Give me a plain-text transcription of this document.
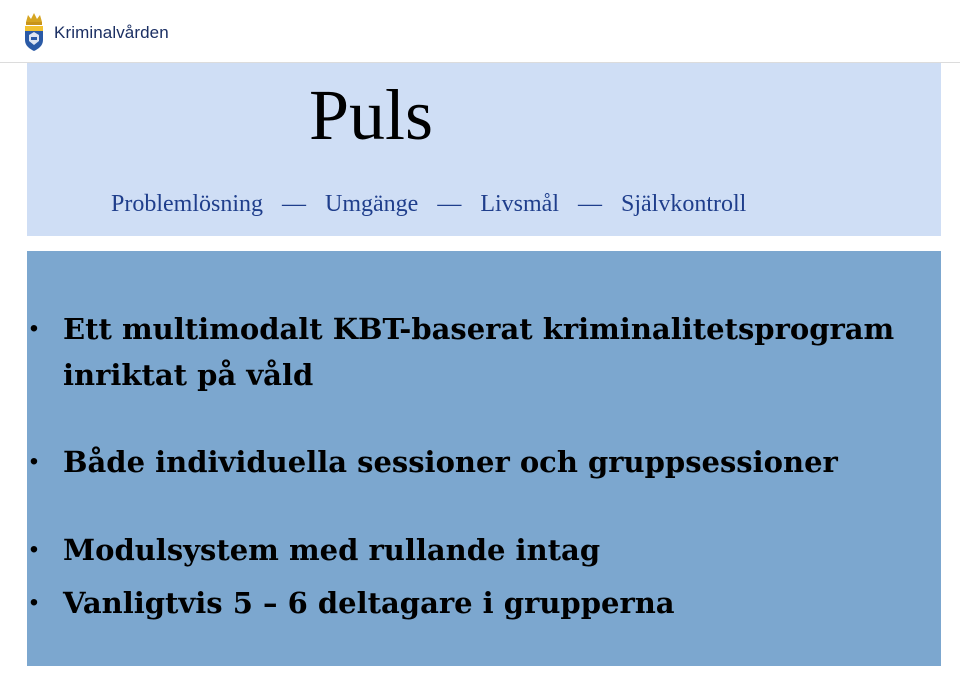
Kriminalvården
Puls
Problemlösning — Umgänge — Livsmål — Självkontroll
• Ett multimodalt KBT-baserat kriminalitetsprogram inriktat på våld
• Både individuella sessioner och gruppsessioner
• Modulsystem med rullande intag
• Vanligtvis 5 – 6 deltagare i grupperna
